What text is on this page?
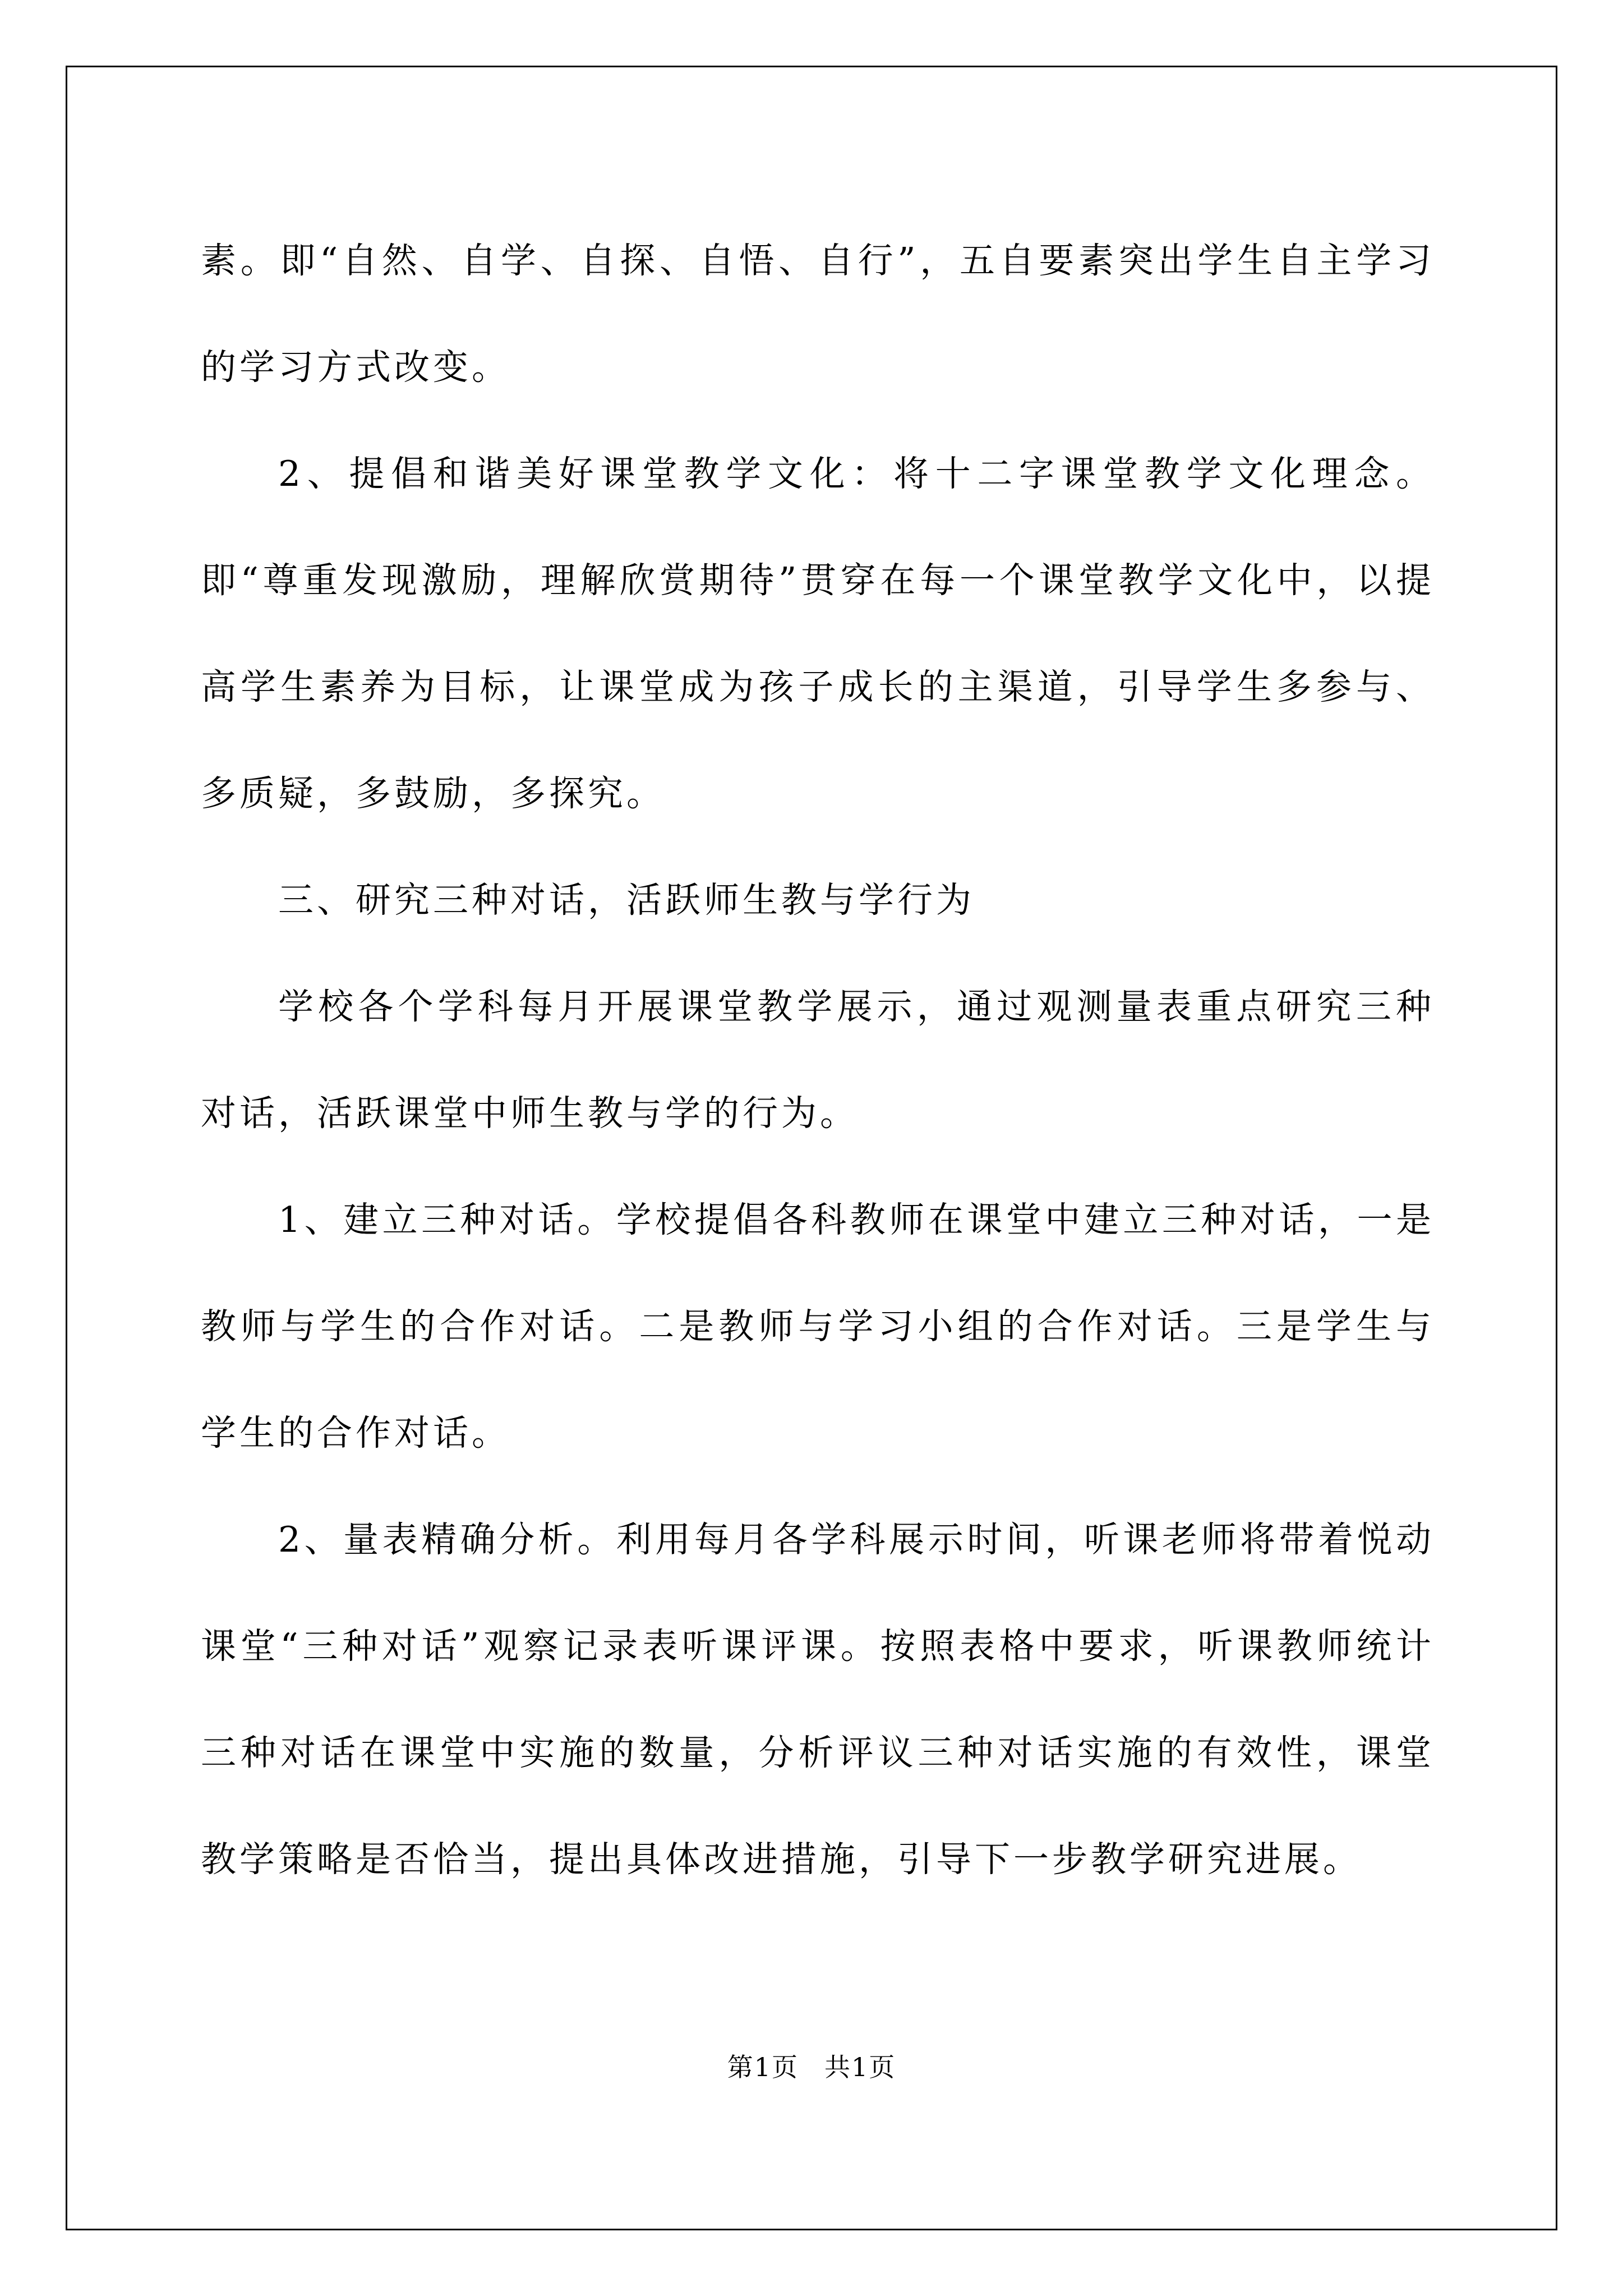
素。即“自然、自学、自探、自悟、自行”，五自要素突出学生自主学习的学习方式改变。

2、提倡和谐美好课堂教学文化：将十二字课堂教学文化理念。即“尊重发现激励，理解欣赏期待”贯穿在每一个课堂教学文化中，以提高学生素养为目标，让课堂成为孩子成长的主渠道，引导学生多参与、多质疑，多鼓励，多探究。

三、研究三种对话，活跃师生教与学行为

学校各个学科每月开展课堂教学展示，通过观测量表重点研究三种对话，活跃课堂中师生教与学的行为。

1、建立三种对话。学校提倡各科教师在课堂中建立三种对话，一是教师与学生的合作对话。二是教师与学习小组的合作对话。三是学生与学生的合作对话。

2、量表精确分析。利用每月各学科展示时间，听课老师将带着悦动课堂“三种对话”观察记录表听课评课。按照表格中要求，听课教师统计三种对话在课堂中实施的数量，分析评议三种对话实施的有效性，课堂教学策略是否恰当，提出具体改进措施，引导下一步教学研究进展。

第1页 共1页
